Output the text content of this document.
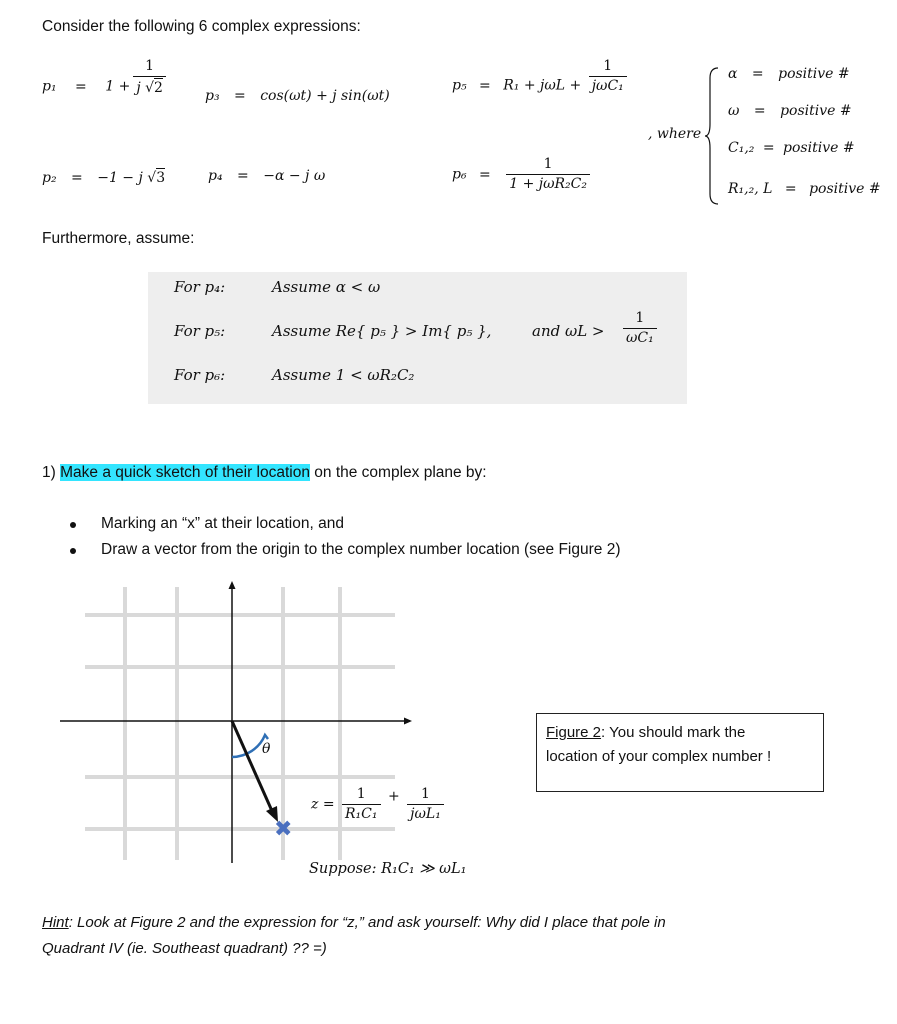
Consider the following 6 complex expressions:
$p_1 = 1 + \frac{1}{j √2}$
p₂ = −1 − j √3
p₃ = cos(ωt) + j sin(ωt)
p₄ = −α − j ω
$p_5 = R_1 + j\omega L + \frac{1}{\text{jωC₁}}$
$p_6 = \frac{1}{\text{1 + jωR₂C₂}}$
, where
α = positive #
ω = positive #
C₁,₂ = positive #
R₁,₂, L = positive #
Furthermore, assume:
For p₄:	Assume α < ω
For p₅:	Assume Re{ p₅ } > Im{ p₅ },	and $\omega L > \frac{1}{\text{ωC₁}}$
For p₆:	Assume 1 < ωR₂C₂
1) Make a quick sketch of their location on the complex plane by:
Marking an “x” at their location, and
Draw a vector from the origin to the complex number location (see Figure 2)
θ
✖
$z = \frac{1}{\text{R₁C₁}} + \frac{1}{\text{jωL₁}}$
Suppose: R₁C₁ ≫ ωL₁
Figure 2: You should mark the
location of your complex number !
Hint: Look at Figure 2 and the expression for “z,” and ask yourself: Why did I place that pole in
Quadrant IV (ie. Southeast quadrant) ?? =)
